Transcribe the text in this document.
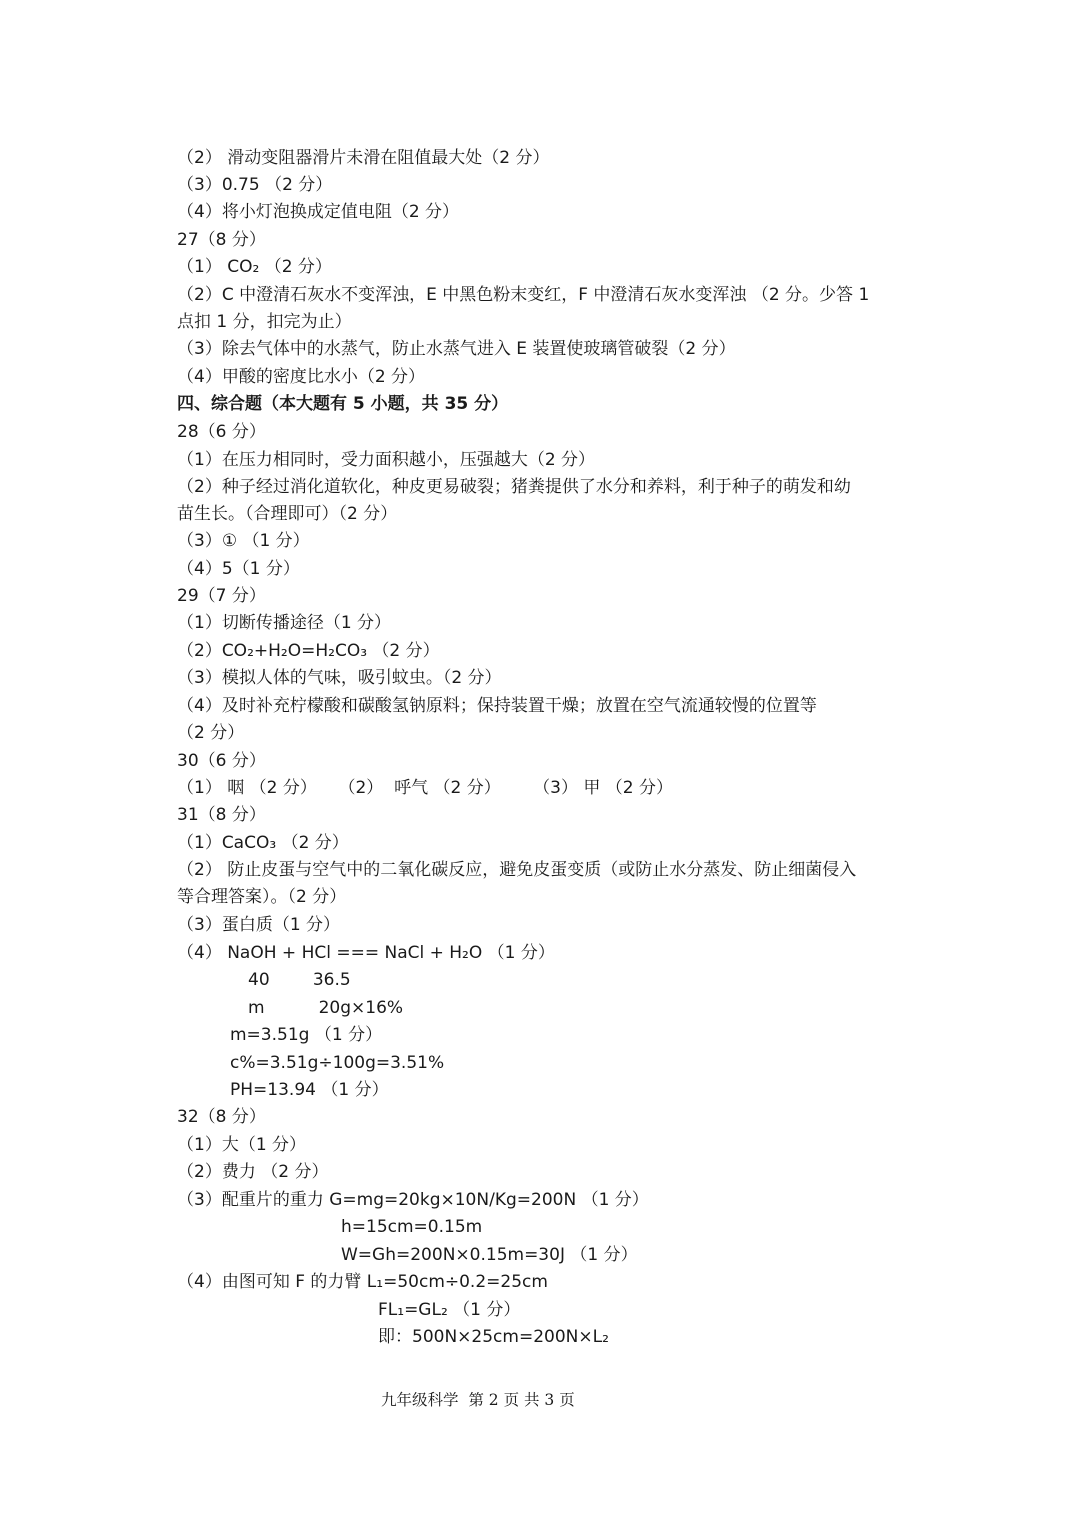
（2） 滑动变阻器滑片未滑在阻值最大处（2 分）
（3）0.75 （2 分）
（4）将小灯泡换成定值电阻（2 分）
27（8 分）
（1） CO₂ （2 分）
（2）C 中澄清石灰水不变浑浊，E 中黑色粉末变红，F 中澄清石灰水变浑浊 （2 分。少答 1
点扣 1 分，扣完为止）
（3）除去气体中的水蒸气，防止水蒸气进入 E 装置使玻璃管破裂（2 分）
（4）甲酸的密度比水小（2 分）
四、综合题（本大题有 5 小题，共 35 分）
28（6 分）
（1）在压力相同时，受力面积越小，压强越大（2 分）
（2）种子经过消化道软化，种皮更易破裂；猪粪提供了水分和养料，利于种子的萌发和幼
苗生长。（合理即可）（2 分）
（3）① （1 分）
（4）5（1 分）
29（7 分）
（1）切断传播途径（1 分）
（2）CO₂+H₂O=H₂CO₃ （2 分）
（3）模拟人体的气味，吸引蚊虫。（2 分）
（4）及时补充柠檬酸和碳酸氢钠原料；保持装置干燥；放置在空气流通较慢的位置等
（2 分）
30（6 分）
（1） 咽 （2 分）    （2）  呼气 （2 分）      （3） 甲 （2 分）
31（8 分）
（1）CaCO₃ （2 分）
（2） 防止皮蛋与空气中的二氧化碳反应，避免皮蛋变质（或防止水分蒸发、防止细菌侵入
等合理答案）。（2 分）
（3）蛋白质（1 分）
（4） NaOH + HCl === NaCl + H₂O （1 分）
40        36.5
m          20g×16%
m=3.51g （1 分）
c%=3.51g÷100g=3.51%
PH=13.94 （1 分）
32（8 分）
（1）大（1 分）
（2）费力 （2 分）
（3）配重片的重力 G=mg=20kg×10N/Kg=200N （1 分）
h=15cm=0.15m
W=Gh=200N×0.15m=30J （1 分）
（4）由图可知 F 的力臂 L₁=50cm÷0.2=25cm
FL₁=GL₂ （1 分）
即：500N×25cm=200N×L₂
九年级科学  第 2 页 共 3 页
